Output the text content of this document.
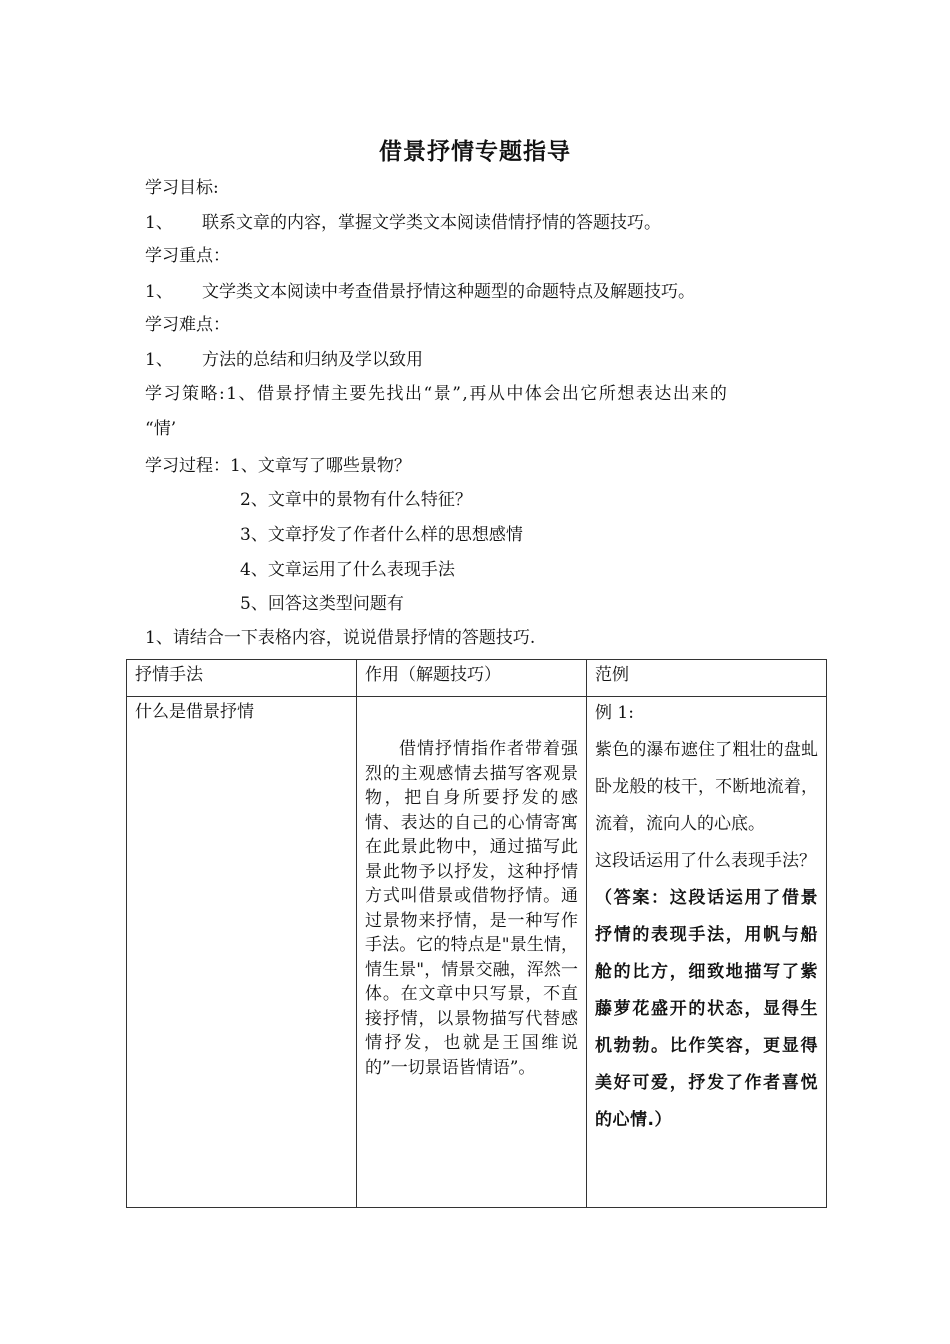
借景抒情专题指导
学习目标:
1、 联系文章的内容，掌握文学类文本阅读借情抒情的答题技巧。
学习重点：
1、 文学类文本阅读中考查借景抒情这种题型的命题特点及解题技巧。
学习难点：
1、 方法的总结和归纳及学以致用
学习策略:1、借景抒情主要先找出“景”,再从中体会出它所想表达出来的
“情’
学习过程：1、文章写了哪些景物？
2、文章中的景物有什么特征？
3、文章抒发了作者什么样的思想感情
4、文章运用了什么表现手法
5、回答这类型问题有
1、请结合一下表格内容，说说借景抒情的答题技巧.
抒情手法	作用（解题技巧）	范例
什么是借景抒情	借情抒情指作者带着强烈的主观感情去描写客观景物，把自身所要抒发的感情、表达的自己的心情寄寓在此景此物中，通过描写此景此物予以抒发，这种抒情方式叫借景或借物抒情。通过景物来抒情，是一种写作手法。它的特点是"景生情，情生景"，情景交融，浑然一体。在文章中只写景，不直接抒情，以景物描写代替感情抒发，也就是王国维说的”一切景语皆情语”。	例 1:
紫色的瀑布遮住了粗壮的盘虬卧龙般的枝干，不断地流着，流着，流向人的心底。
这段话运用了什么表现手法？
（答案：这段话运用了借景抒情的表现手法，用帆与船舱的比方，细致地描写了紫藤萝花盛开的状态，显得生机勃勃。比作笑容，更显得美好可爱，抒发了作者喜悦的心情.）
